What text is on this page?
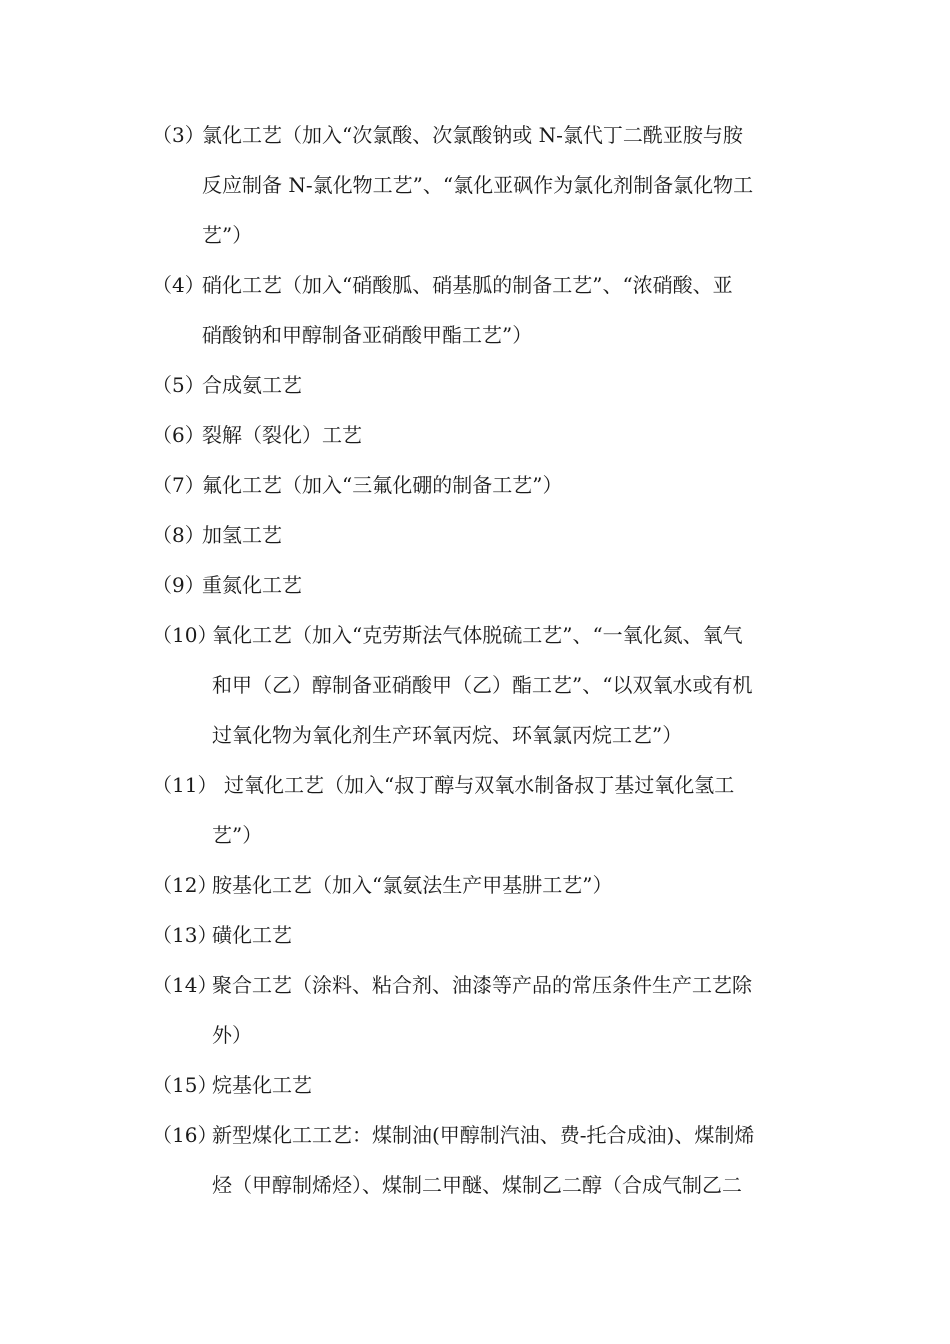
（3）
氯化工艺（加入“次氯酸、次氯酸钠或 N-氯代丁二酰亚胺与胺
反应制备 N-氯化物工艺”、“氯化亚砜作为氯化剂制备氯化物工
艺”）
（4）
硝化工艺（加入“硝酸胍、硝基胍的制备工艺”、“浓硝酸、亚
硝酸钠和甲醇制备亚硝酸甲酯工艺”）
（5）
合成氨工艺
（6）
裂解（裂化）工艺
（7）
氟化工艺（加入“三氟化硼的制备工艺”）
（8）
加氢工艺
（9）
重氮化工艺
（10）
氧化工艺（加入“克劳斯法气体脱硫工艺”、“一氧化氮、氧气
和甲（乙）醇制备亚硝酸甲（乙）酯工艺”、“以双氧水或有机
过氧化物为氧化剂生产环氧丙烷、环氧氯丙烷工艺”）
（11） 过氧化工艺（加入“叔丁醇与双氧水制备叔丁基过氧化氢工
艺”）
（12）
胺基化工艺（加入“氯氨法生产甲基肼工艺”）
（13）
磺化工艺
（14）
聚合工艺（涂料、粘合剂、油漆等产品的常压条件生产工艺除
外）
（15）
烷基化工艺
（16）
新型煤化工工艺：煤制油(甲醇制汽油、费-托合成油)、煤制烯
烃（甲醇制烯烃）、煤制二甲醚、煤制乙二醇（合成气制乙二
